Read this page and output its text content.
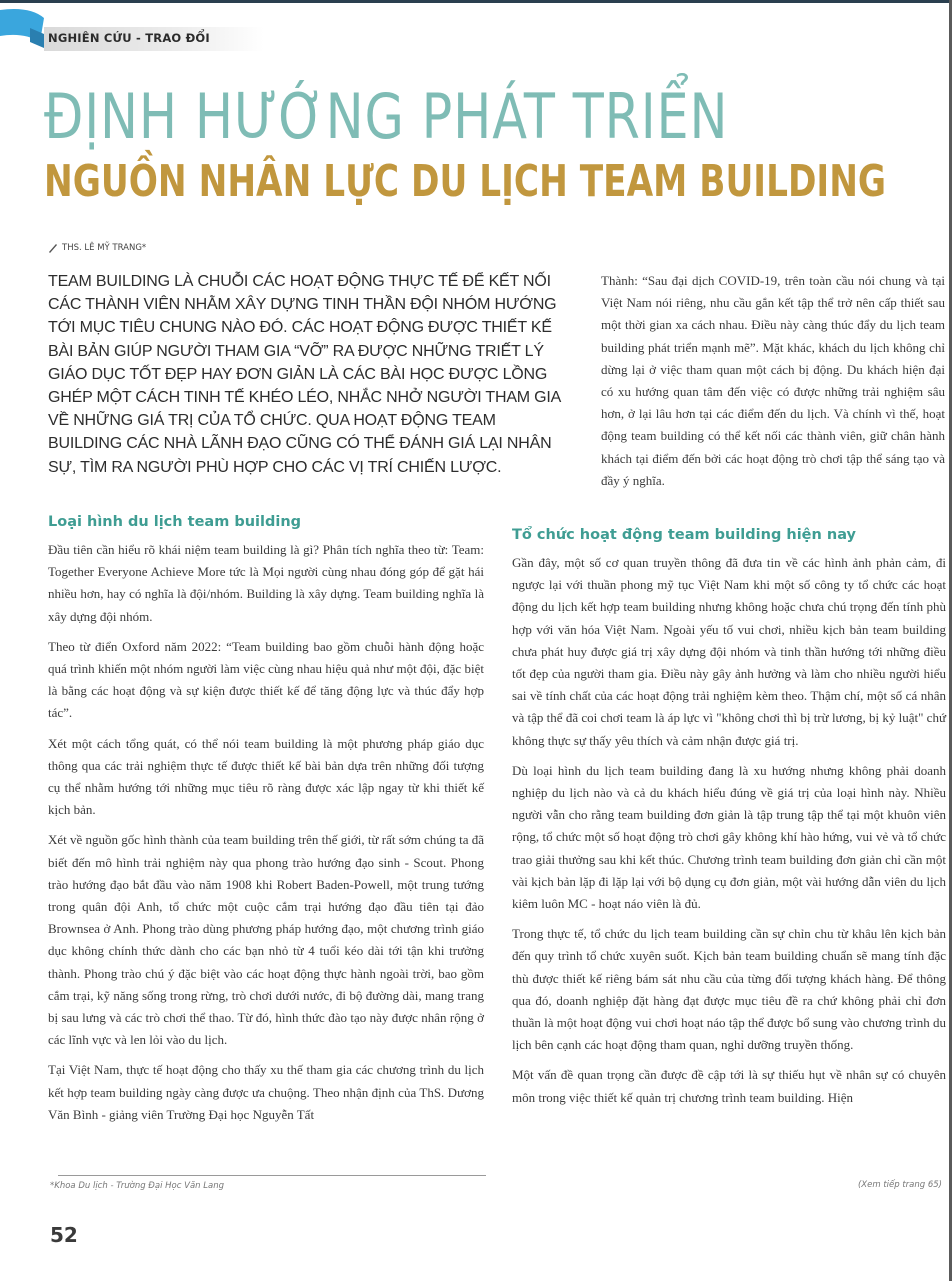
NGHIÊN CỨU - TRAO ĐỔI
ĐỊNH HƯỚNG PHÁT TRIỂN
NGUỒN NHÂN LỰC DU LỊCH TEAM BUILDING
THS. LÊ MỸ TRANG*
TEAM BUILDING LÀ CHUỖI CÁC HOẠT ĐỘNG THỰC TẾ ĐỂ KẾT NỐI CÁC THÀNH VIÊN NHẰM XÂY DỰNG TINH THẦN ĐỘI NHÓM HƯỚNG TỚI MỤC TIÊU CHUNG NÀO ĐÓ. CÁC HOẠT ĐỘNG ĐƯỢC THIẾT KẾ BÀI BẢN GIÚP NGƯỜI THAM GIA “VỠ” RA ĐƯỢC NHỮNG TRIẾT LÝ GIÁO DỤC TỐT ĐẸP HAY ĐƠN GIẢN LÀ CÁC BÀI HỌC ĐƯỢC LỒNG GHÉP MỘT CÁCH TINH TẾ KHÉO LÉO, NHẮC NHỞ NGƯỜI THAM GIA VỀ NHỮNG GIÁ TRỊ CỦA TỔ CHỨC. QUA HOẠT ĐỘNG TEAM BUILDING CÁC NHÀ LÃNH ĐẠO CŨNG CÓ THỂ ĐÁNH GIÁ LẠI NHÂN SỰ, TÌM RA NGƯỜI PHÙ HỢP CHO CÁC VỊ TRÍ CHIẾN LƯỢC.

Thành: “Sau đại dịch COVID-19, trên toàn cầu nói chung và tại Việt Nam nói riêng, nhu cầu gắn kết tập thể trở nên cấp thiết sau một thời gian xa cách nhau. Điều này càng thúc đẩy du lịch team building phát triển mạnh mẽ”. Mặt khác, khách du lịch không chỉ dừng lại ở việc tham quan một cách bị động. Du khách hiện đại có xu hướng quan tâm đến việc có được những trải nghiệm sâu hơn, ở lại lâu hơn tại các điểm đến du lịch. Và chính vì thế, hoạt động team building có thể kết nối các thành viên, giữ chân hành khách tại điểm đến bởi các hoạt động trò chơi tập thể sáng tạo và đầy ý nghĩa.

Loại hình du lịch team building

Đầu tiên cần hiểu rõ khái niệm team building là gì? Phân tích nghĩa theo từ: Team: Together Everyone Achieve More tức là Mọi người cùng nhau đóng góp để gặt hái nhiều hơn, hay có nghĩa là đội/nhóm. Building là xây dựng. Team building nghĩa là xây dựng đội nhóm.

Theo từ điển Oxford năm 2022: “Team building bao gồm chuỗi hành động hoặc quá trình khiến một nhóm người làm việc cùng nhau hiệu quả như một đội, đặc biệt là bằng các hoạt động và sự kiện được thiết kế để tăng động lực và thúc đẩy hợp tác”.

Xét một cách tổng quát, có thể nói team building là một phương pháp giáo dục thông qua các trải nghiệm thực tế được thiết kế bài bản dựa trên những đối tượng cụ thể nhằm hướng tới những mục tiêu rõ ràng được xác lập ngay từ khi thiết kế kịch bản.

Xét về nguồn gốc hình thành của team building trên thế giới, từ rất sớm chúng ta đã biết đến mô hình trải nghiệm này qua phong trào hướng đạo sinh - Scout. Phong trào hướng đạo bắt đầu vào năm 1908 khi Robert Baden-Powell, một trung tướng trong quân đội Anh, tổ chức một cuộc cắm trại hướng đạo đầu tiên tại đảo Brownsea ở Anh. Phong trào dùng phương pháp hướng đạo, một chương trình giáo dục không chính thức dành cho các bạn nhỏ từ 4 tuổi kéo dài tới tận khi trưởng thành. Phong trào chú ý đặc biệt vào các hoạt động thực hành ngoài trời, bao gồm cắm trại, kỹ năng sống trong rừng, trò chơi dưới nước, đi bộ đường dài, mang trang bị sau lưng và các trò chơi thể thao. Từ đó, hình thức đào tạo này được nhân rộng ở các lĩnh vực và len lỏi vào du lịch.

Tại Việt Nam, thực tế hoạt động cho thấy xu thế tham gia các chương trình du lịch kết hợp team building ngày càng được ưa chuộng. Theo nhận định của ThS. Dương Văn Bình - giảng viên Trường Đại học Nguyễn Tất

Tổ chức hoạt động team building hiện nay

Gần đây, một số cơ quan truyền thông đã đưa tin về các hình ảnh phản cảm, đi ngược lại với thuần phong mỹ tục Việt Nam khi một số công ty tổ chức các hoạt động du lịch kết hợp team building nhưng không hoặc chưa chú trọng đến tính phù hợp với văn hóa Việt Nam. Ngoài yếu tố vui chơi, nhiều kịch bản team building chưa phát huy được giá trị xây dựng đội nhóm và tinh thần hướng tới những điều tốt đẹp của người tham gia. Điều này gây ảnh hưởng và làm cho nhiều người hiểu sai về tính chất của các hoạt động trải nghiệm kèm theo. Thậm chí, một số cá nhân và tập thể đã coi chơi team là áp lực vì "không chơi thì bị trừ lương, bị kỷ luật" chứ không thực sự thấy yêu thích và cảm nhận được giá trị.

Dù loại hình du lịch team building đang là xu hướng nhưng không phải doanh nghiệp du lịch nào và cả du khách hiểu đúng về giá trị của loại hình này. Nhiều người vẫn cho rằng team building đơn giản là tập trung tập thể tại một khuôn viên rộng, tổ chức một số hoạt động trò chơi gây không khí hào hứng, vui vẻ và tổ chức trao giải thưởng sau khi kết thúc. Chương trình team building đơn giản chỉ cần một vài kịch bản lặp đi lặp lại với bộ dụng cụ đơn giản, một vài hướng dẫn viên du lịch kiêm luôn MC - hoạt náo viên là đủ.

Trong thực tế, tổ chức du lịch team building cần sự chỉn chu từ khâu lên kịch bản đến quy trình tổ chức xuyên suốt. Kịch bản team building chuẩn sẽ mang tính đặc thù được thiết kế riêng bám sát nhu cầu của từng đối tượng khách hàng. Để thông qua đó, doanh nghiệp đặt hàng đạt được mục tiêu đề ra chứ không phải chỉ đơn thuần là một hoạt động vui chơi hoạt náo tập thể được bổ sung vào chương trình du lịch bên cạnh các hoạt động tham quan, nghỉ dưỡng truyền thống.

Một vấn đề quan trọng cần được đề cập tới là sự thiếu hụt về nhân sự có chuyên môn trong việc thiết kế quản trị chương trình team building. Hiện

*Khoa Du lịch - Trường Đại Học Văn Lang	(Xem tiếp trang 65)
52
